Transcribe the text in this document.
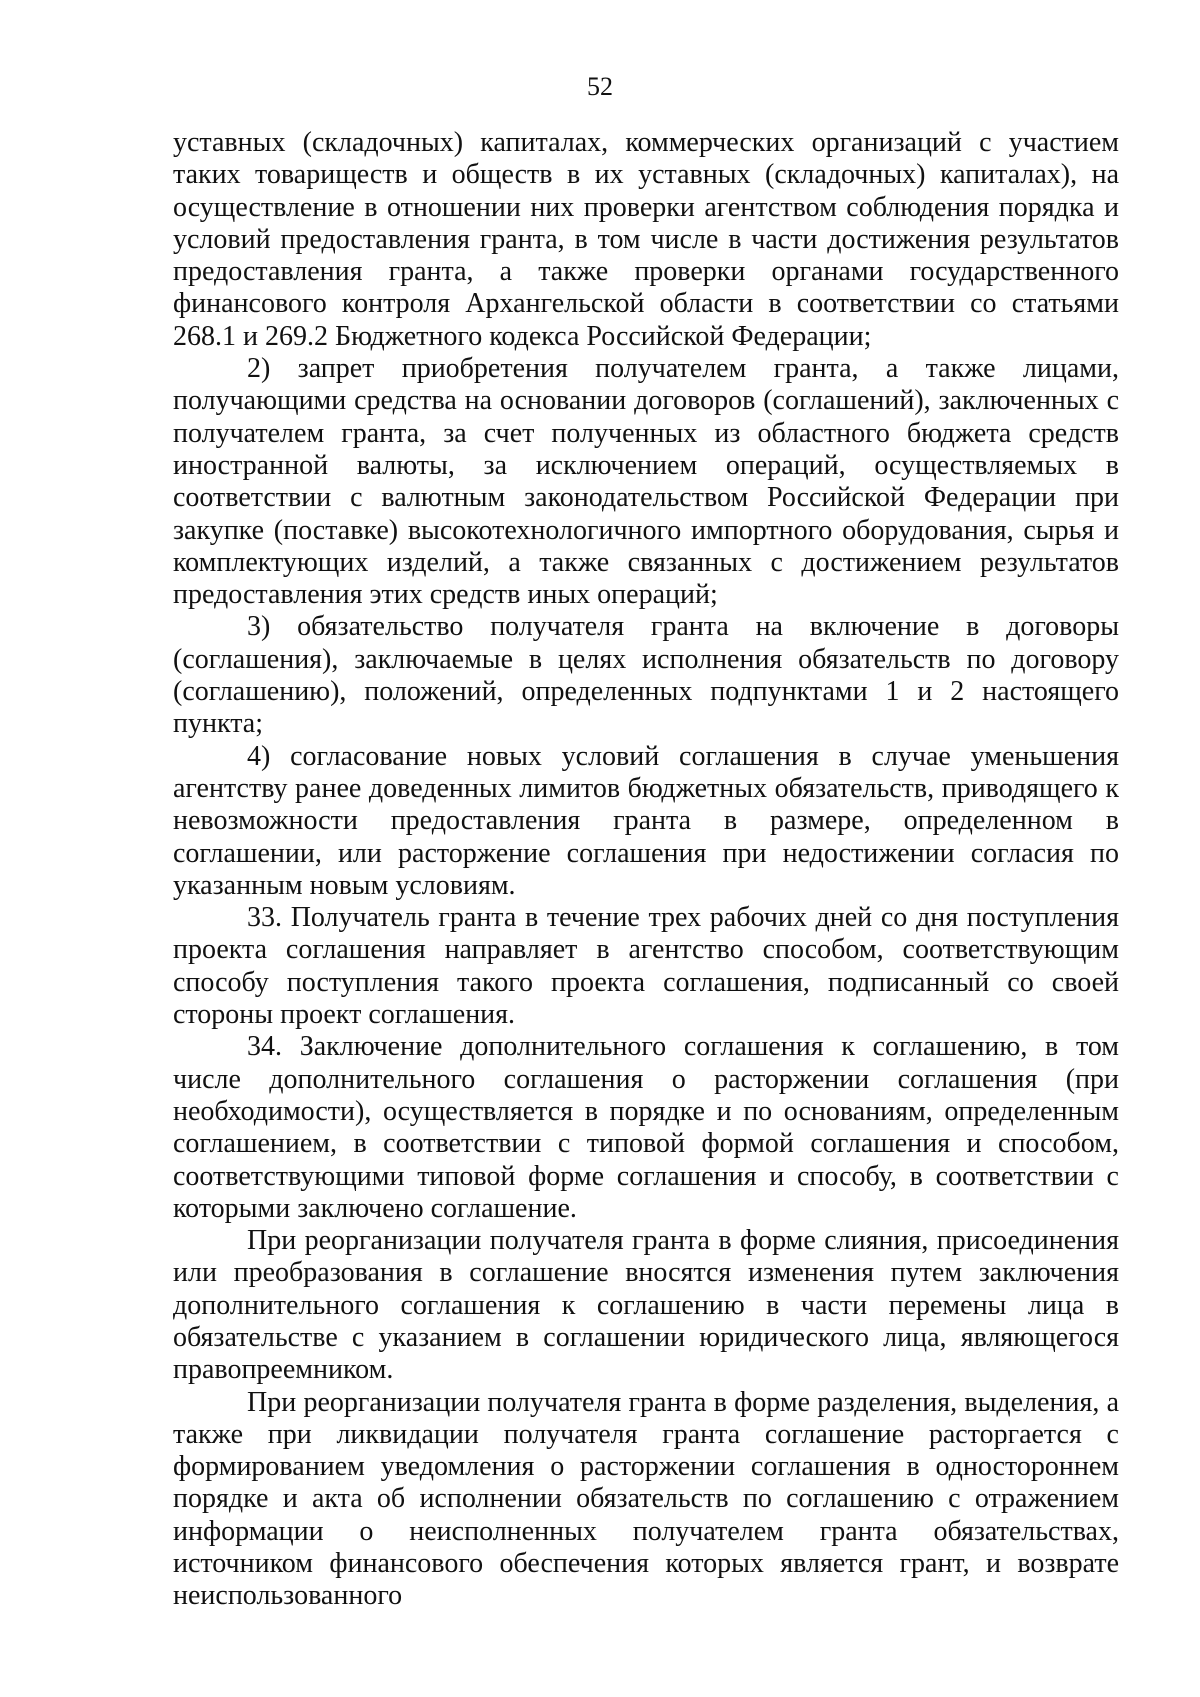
52

уставных (складочных) капиталах, коммерческих организаций с участием таких товариществ и обществ в их уставных (складочных) капиталах), на осуществление в отношении них проверки агентством соблюдения порядка и условий предоставления гранта, в том числе в части достижения результатов предоставления гранта, а также проверки органами государственного финансового контроля Архангельской области в соответствии со статьями 268.1 и 269.2 Бюджетного кодекса Российской Федерации;

2) запрет приобретения получателем гранта, а также лицами, получающими средства на основании договоров (соглашений), заключенных с получателем гранта, за счет полученных из областного бюджета средств иностранной валюты, за исключением операций, осуществляемых в соответствии с валютным законодательством Российской Федерации при закупке (поставке) высокотехнологичного импортного оборудования, сырья и комплектующих изделий, а также связанных с достижением результатов предоставления этих средств иных операций;

3) обязательство получателя гранта на включение в договоры (соглашения), заключаемые в целях исполнения обязательств по договору (соглашению), положений, определенных подпунктами 1 и 2 настоящего пункта;

4) согласование новых условий соглашения в случае уменьшения агентству ранее доведенных лимитов бюджетных обязательств, приводящего к невозможности предоставления гранта в размере, определенном в соглашении, или расторжение соглашения при недостижении согласия по указанным новым условиям.

33. Получатель гранта в течение трех рабочих дней со дня поступления проекта соглашения направляет в агентство способом, соответствующим способу поступления такого проекта соглашения, подписанный со своей стороны проект соглашения.

34. Заключение дополнительного соглашения к соглашению, в том числе дополнительного соглашения о расторжении соглашения (при необходимости), осуществляется в порядке и по основаниям, определенным соглашением, в соответствии с типовой формой соглашения и способом, соответствующими типовой форме соглашения и способу, в соответствии с которыми заключено соглашение.

При реорганизации получателя гранта в форме слияния, присоединения или преобразования в соглашение вносятся изменения путем заключения дополнительного соглашения к соглашению в части перемены лица в обязательстве с указанием в соглашении юридического лица, являющегося правопреемником.

При реорганизации получателя гранта в форме разделения, выделения, а также при ликвидации получателя гранта соглашение расторгается с формированием уведомления о расторжении соглашения в одностороннем порядке и акта об исполнении обязательств по соглашению с отражением информации о неисполненных получателем гранта обязательствах, источником финансового обеспечения которых является грант, и возврате неиспользованного
